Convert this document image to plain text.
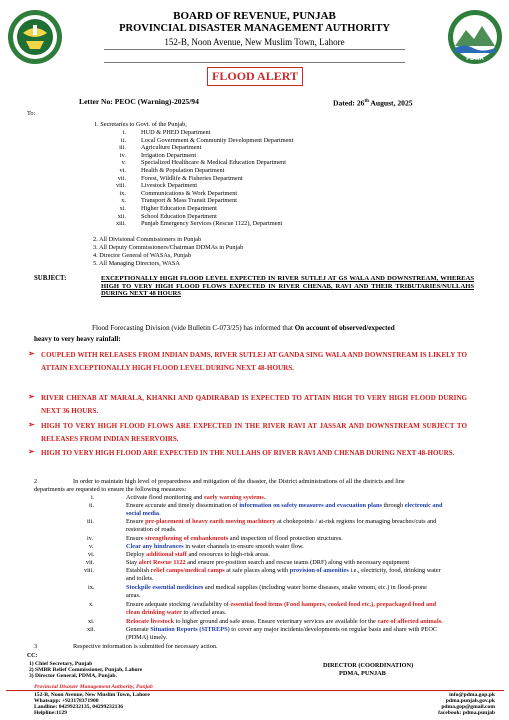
BOARD OF REVENUE, PUNJAB
PROVINCIAL DISASTER MANAGEMENT AUTHORITY
152-B, Noon Avenue, New Muslim Town, Lahore
FLOOD ALERT
PDMA
Letter No: PEOC (Warning)-2025/94	Dated: 26th August, 2025
To:
1. Secretaries to Govt. of the Punjab,
i. HUD & PHED Department
ii. Local Government & Community Development Department
iii. Agriculture Department
iv. Irrigation Department
v. Specialized Healthcare & Medical Education Department
vi. Health & Population Department
vii. Forest, Wildlife & Fisheries Department
viii. Livestock Department
ix. Communications & Work Department
x. Transport & Mass Transit Department
xi. Higher Education Department
xii. School Education Department
xiii. Punjab Emergency Services (Rescue 1122), Department
2. All Divisional Commissioners in Punjab
3. All Deputy Commissioners/Chairman DDMAs in Punjab
4. Director General of WASAs, Punjab
5. All Managing Directors, WASA
SUBJECT:	EXCEPTIONALLY HIGH FLOOD LEVEL EXPECTED IN RIVER SUTLEJ AT GS WALA AND DOWNSTREAM, WHEREAS HIGH TO VERY HIGH FLOOD FLOWS EXPECTED IN RIVER CHENAB, RAVI AND THEIR TRIBUTARIES/NULLAHS DURING NEXT 48 HOURS
Flood Forecasting Division (vide Bulletin C-073/25) has informed that On account of observed/expected
heavy to very heavy rainfall:
➢ COUPLED WITH RELEASES FROM INDIAN DAMS, RIVER SUTLEJ AT GANDA SING WALA AND DOWNSTREAM IS LIKELY TO ATTAIN EXCEPTIONALLY HIGH FLOOD LEVEL DURING NEXT 48-HOURS.
➢ RIVER CHENAB AT MARALA, KHANKI AND QADIRABAD IS EXPECTED TO ATTAIN HIGH TO VERY HIGH FLOOD DURING NEXT 36 HOURS.
➢ HIGH TO VERY HIGH FLOOD FLOWS ARE EXPECTED IN THE RIVER RAVI AT JASSAR AND DOWNSTREAM SUBJECT TO RELEASES FROM INDIAN RESERVOIRS.
➢ HIGH TO VERY HIGH FLOOD ARE EXPECTED IN THE NULLAHS OF RIVER RAVI AND CHENAB DURING NEXT 48-HOURS.
2	In order to maintain high level of preparedness and mitigation of the disaster, the District administrations of all the districts and line
departments are requested to ensure the following measures:
i.	Activate flood monitoring and early warning systems.
ii.	Ensure accurate and timely dissemination of information on safety measures and evacuation plans through electronic and
social media.
iii.	Ensure pre-placement of heavy earth moving machinery at chokepoints / at-risk regions for managing breaches/cuts and
restoration of roads.
iv.	Ensure strengthening of embankments and inspection of flood protection structures.
v.	Clear any hindrances in water channels to ensure smooth water flow.
vi.	Deploy additional staff and resources to high-risk areas.
vii.	Stay alert Rescue 1122 and ensure pre-position search and rescue teams (DRF) along with necessary equipment
viii.	Establish relief camps/medical camps at safe places along with provision of amenities i.e., electricity, food, drinking water
and toilets.
ix.	Stockpile essential medicines and medical supplies (including water borne diseases, snake venom, etc.) in flood-prone
areas.
x.	Ensure adequate stocking /availability of essential food items (Food hampers, cooked food etc.), prepackaged food and
clean drinking water to affected areas.
xi.	Relocate livestock to higher ground and safe areas. Ensure veterinary services are available for the care of affected animals.
xii.	Generate Situation Reports (SITREPS) to cover any major incidents/developments on regular basis and share with PEOC
(PDMA) timely.
3	Respective information is submitted for necessary action.
CC:
1) Chief Secretary, Punjab
2) SMBR Relief Commissioner, Punjab, Lahore
3) Director General, PDMA, Punjab.
DIRECTOR (COORDINATION)
PDMA, PUNJAB
Provincial Disaster Management Authority, Punjab
152-B, Noon Avenue, New Muslim Town, Lahore
Whatsapp: +923178371900
Landline: 04299232135, 04299232136
Helpline:1129
info@pdma.gop.pk
pdma.punjab.gov.pk
pdma.gop@gmail.com
facebook: pdma.punjab
